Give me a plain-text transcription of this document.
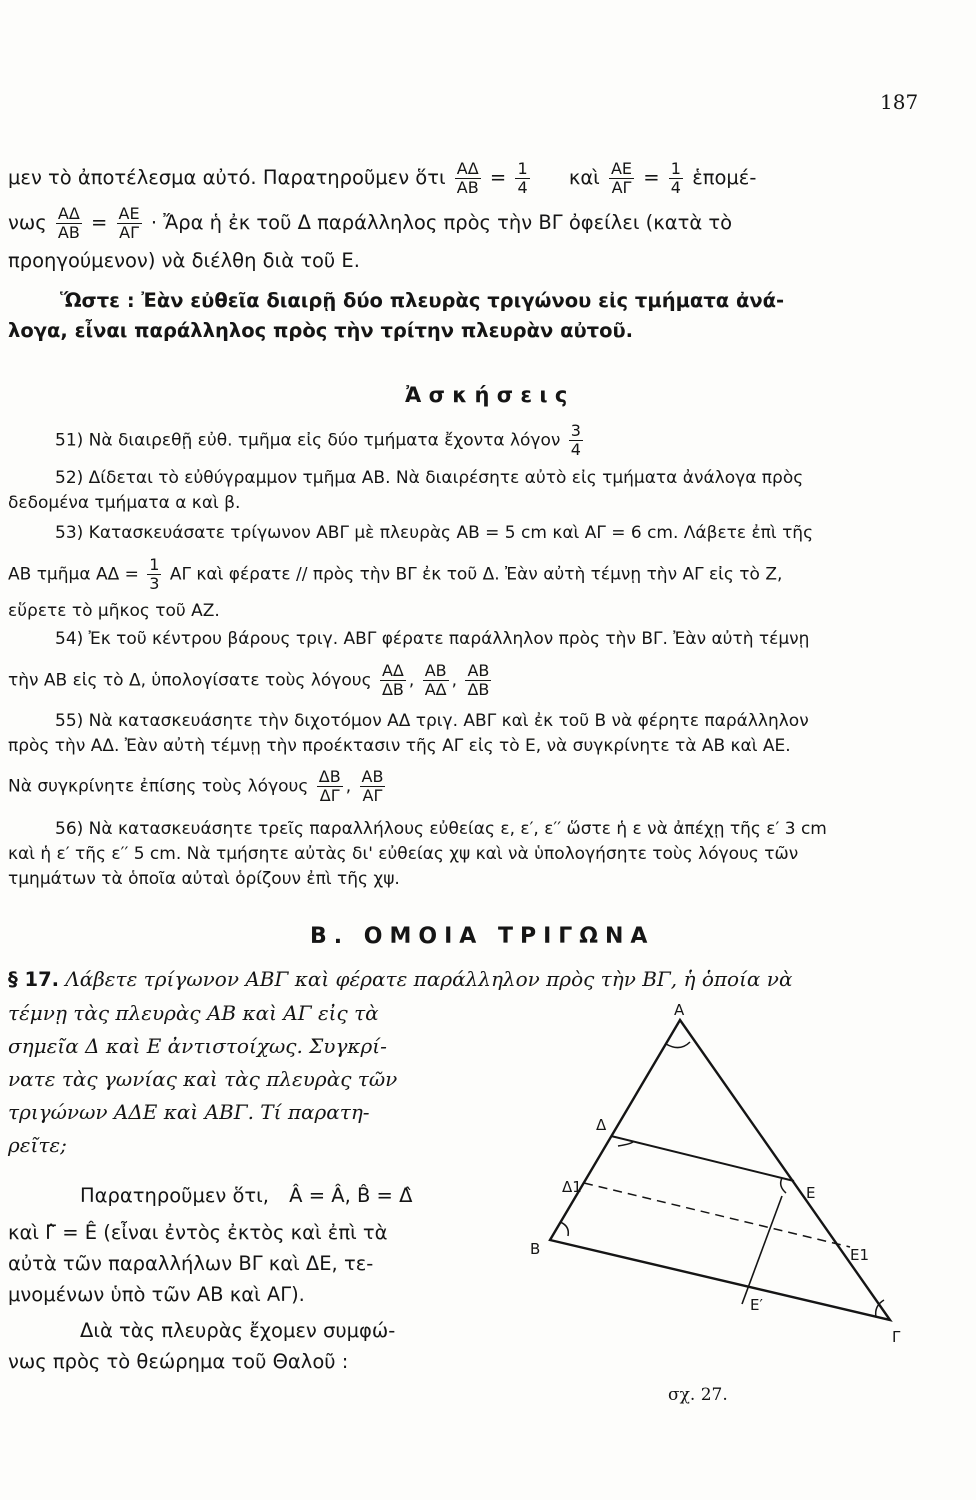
187
μεν τὸ ἀποτέλεσμα αὐτό. Παρατηροῦμεν ὅτι $\frac{A\Delta}{AB} = \frac{1}{4}$ καὶ $\frac{AE}{A\Gamma} = \frac{1}{4}$ ἑπομέ-
νως $\frac{A\Delta}{AB} = \frac{AE}{A\Gamma}$ · Ἄρα ἡ ἐκ τοῦ Δ παράλληλος πρὸς τὴν ΒΓ ὀφείλει (κατὰ τὸ
προηγούμενον) νὰ διέλθη διὰ τοῦ Ε.
Ὥστε : Ἐὰν εὐθεῖα διαιρῇ δύο πλευρὰς τριγώνου εἰς τμήματα ἀνά-
λογα, εἶναι παράλληλος πρὸς τὴν τρίτην πλευρὰν αὐτοῦ.
Ἀ σ κ ή σ ε ι ς
51) Νὰ διαιρεθῇ εὐθ. τμῆμα εἰς δύο τμήματα ἔχοντα λόγον $\frac{3}{4}$
52) Δίδεται τὸ εὐθύγραμμον τμῆμα ΑΒ. Νὰ διαιρέσητε αὐτὸ εἰς τμήματα ἀνάλογα πρὸς
δεδομένα τμήματα α καὶ β.
53) Κατασκευάσατε τρίγωνον ΑΒΓ μὲ πλευρὰς ΑΒ = 5 cm καὶ ΑΓ = 6 cm. Λάβετε ἐπὶ τῆς
ΑΒ τμῆμα $A\Delta = \frac{1}{3}$ ΑΓ καὶ φέρατε // πρὸς τὴν ΒΓ ἐκ τοῦ Δ. Ἐὰν αὐτὴ τέμνῃ τὴν ΑΓ εἰς τὸ Ζ,
εὕρετε τὸ μῆκος τοῦ ΑΖ.
54) Ἐκ τοῦ κέντρου βάρους τριγ. ΑΒΓ φέρατε παράλληλον πρὸς τὴν ΒΓ. Ἐὰν αὐτὴ τέμνῃ
τὴν ΑΒ εἰς τὸ Δ, ὑπολογίσατε τοὺς λόγους $\frac{A\Delta}{\Delta B}$ , $\frac{AB}{A\Delta}$ , $\frac{AB}{\Delta B}$
55) Νὰ κατασκευάσητε τὴν διχοτόμον ΑΔ τριγ. ΑΒΓ καὶ ἐκ τοῦ Β νὰ φέρητε παράλληλον
πρὸς τὴν ΑΔ. Ἐὰν αὐτὴ τέμνῃ τὴν προέκτασιν τῆς ΑΓ εἰς τὸ Ε, νὰ συγκρίνητε τὰ ΑΒ καὶ ΑΕ.
Νὰ συγκρίνητε ἐπίσης τοὺς λόγους $\frac{\Delta B}{\Delta\Gamma}$ , $\frac{AB}{A\Gamma}$
56) Νὰ κατασκευάσητε τρεῖς παραλλήλους εὐθείας ε, ε′, ε′′ ὥστε ἡ ε νὰ ἀπέχῃ τῆς ε′ 3 cm
καὶ ἡ ε′ τῆς ε′′ 5 cm. Νὰ τμήσητε αὐτὰς δι' εὐθείας χψ καὶ νὰ ὑπολογήσητε τοὺς λόγους τῶν
τμημάτων τὰ ὁποῖα αὐταὶ ὁρίζουν ἐπὶ τῆς χψ.
Β. ΟΜΟΙΑ ΤΡΙΓΩΝΑ
§ 17. Λάβετε τρίγωνον ΑΒΓ καὶ φέρατε παράλληλον πρὸς τὴν ΒΓ, ἡ ὁποία νὰ
τέμνῃ τὰς πλευρὰς ΑΒ καὶ ΑΓ εἰς τὰ
σημεῖα Δ καὶ Ε ἀντιστοίχως. Συγκρί-
νατε τὰς γωνίας καὶ τὰς πλευρὰς τῶν
τριγώνων ΑΔΕ καὶ ΑΒΓ. Τί παρατη-
ρεῖτε;
Παρατηροῦμεν ὅτι, Â = Â, B̂ = Δ̂
καὶ Γ̂ = Ê (εἶναι ἐντὸς ἐκτὸς καὶ ἐπὶ τὰ
αὐτὰ τῶν παραλλήλων ΒΓ καὶ ΔΕ, τε-
μνομένων ὑπὸ τῶν ΑΒ καὶ ΑΓ).
Διὰ τὰς πλευρὰς ἔχομεν συμφώ-
νως πρὸς τὸ θεώρημα τοῦ Θαλοῦ :
Α
Δ
Δ1
Β
Ε
Ε1
Ε′
Γ
σχ. 27.
